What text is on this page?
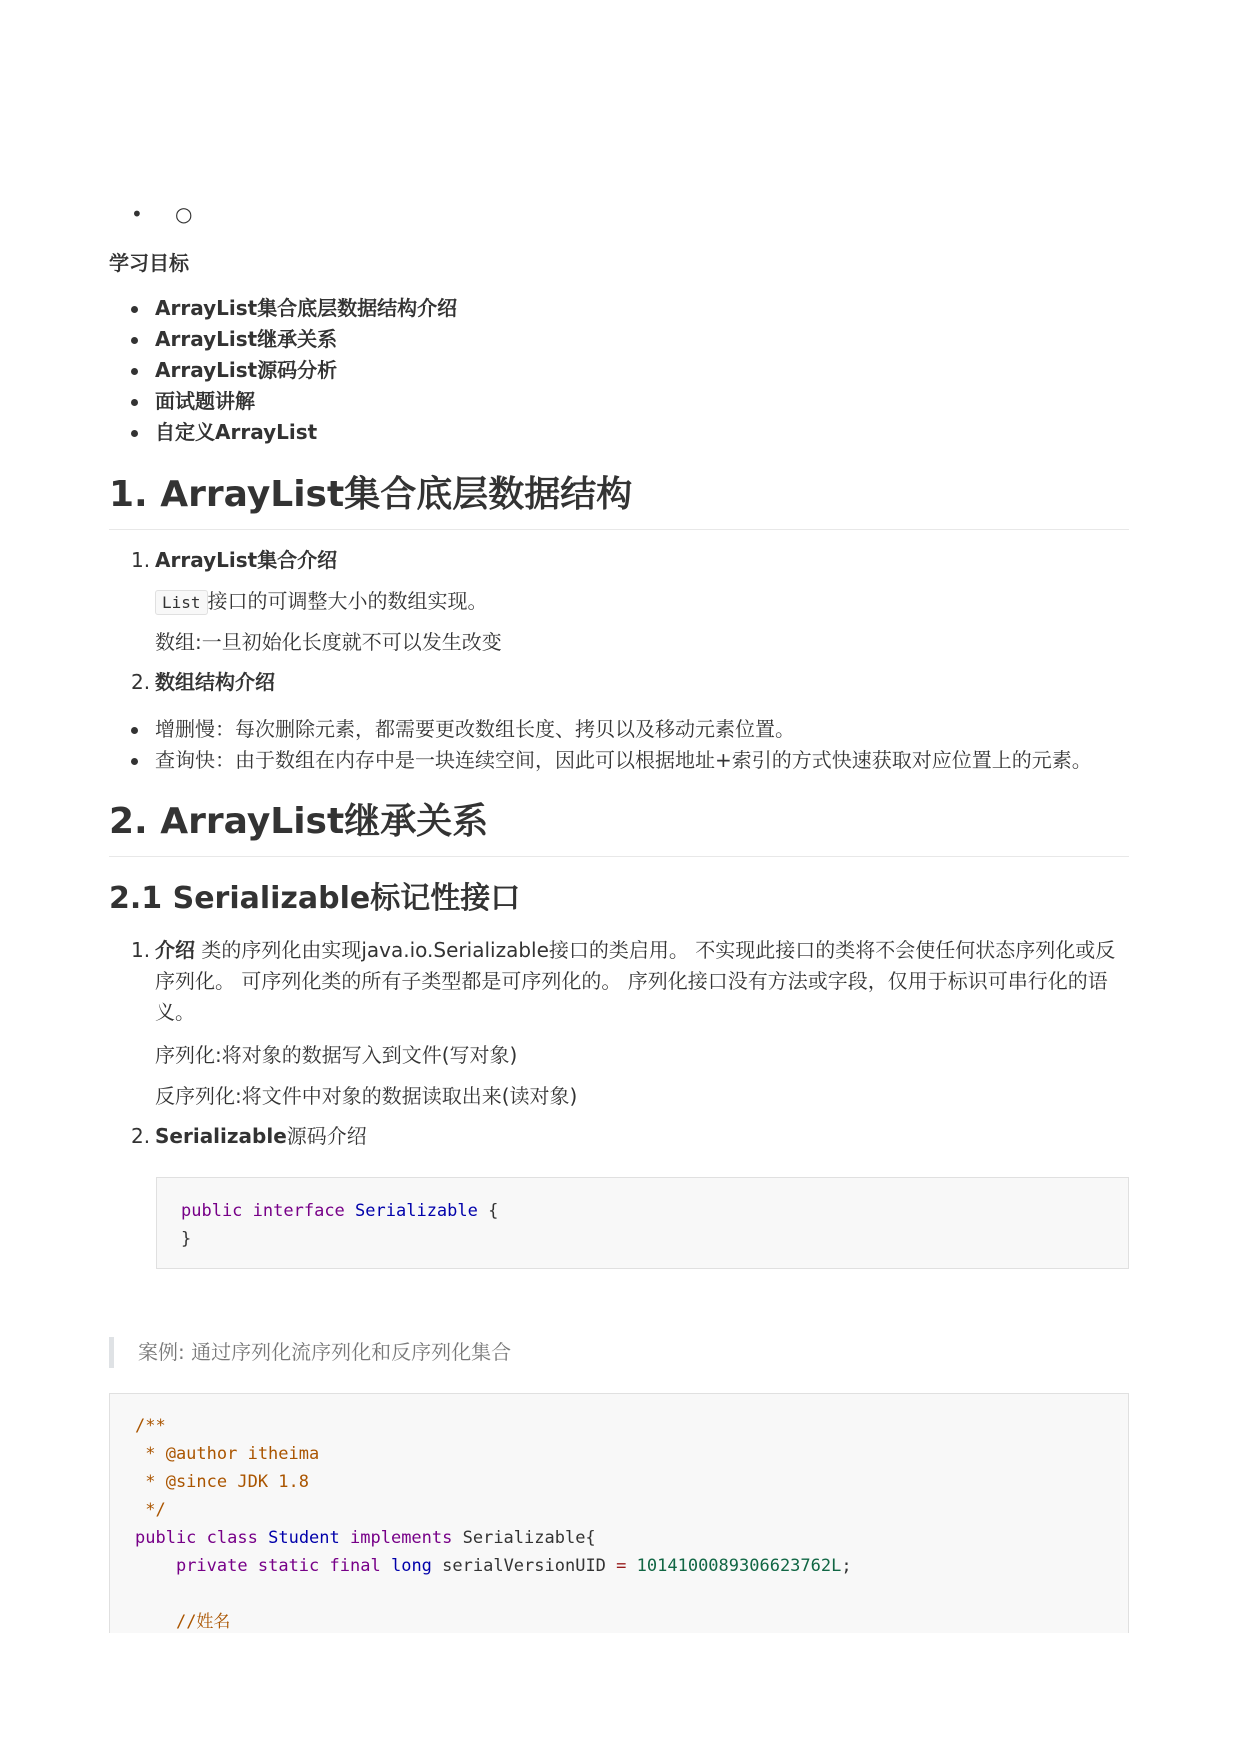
• ○
学习目标
ArrayList集合底层数据结构介绍
ArrayList继承关系
ArrayList源码分析
面试题讲解
自定义ArrayList
1. ArrayList集合底层数据结构
1. ArrayList集合介绍
List 接口的可调整大小的数组实现。
数组:一旦初始化长度就不可以发生改变
2. 数组结构介绍
增删慢：每次删除元素，都需要更改数组长度、拷贝以及移动元素位置。
查询快：由于数组在内存中是一块连续空间，因此可以根据地址+索引的方式快速获取对应位置上的元素。
2. ArrayList继承关系
2.1 Serializable标记性接口
1. 介绍 类的序列化由实现java.io.Serializable接口的类启用。 不实现此接口的类将不会使任何状态序列化或反序列化。 可序列化类的所有子类型都是可序列化的。 序列化接口没有方法或字段，仅用于标识可串行化的语义。
序列化:将对象的数据写入到文件(写对象)
反序列化:将文件中对象的数据读取出来(读对象)
2. Serializable源码介绍
public interface Serializable {
}
案例: 通过序列化流序列化和反序列化集合
/**
* @author itheima
* @since JDK 1.8
*/
public class Student implements Serializable{
private static final long serialVersionUID = 1014100089306623762L;

//姓名
